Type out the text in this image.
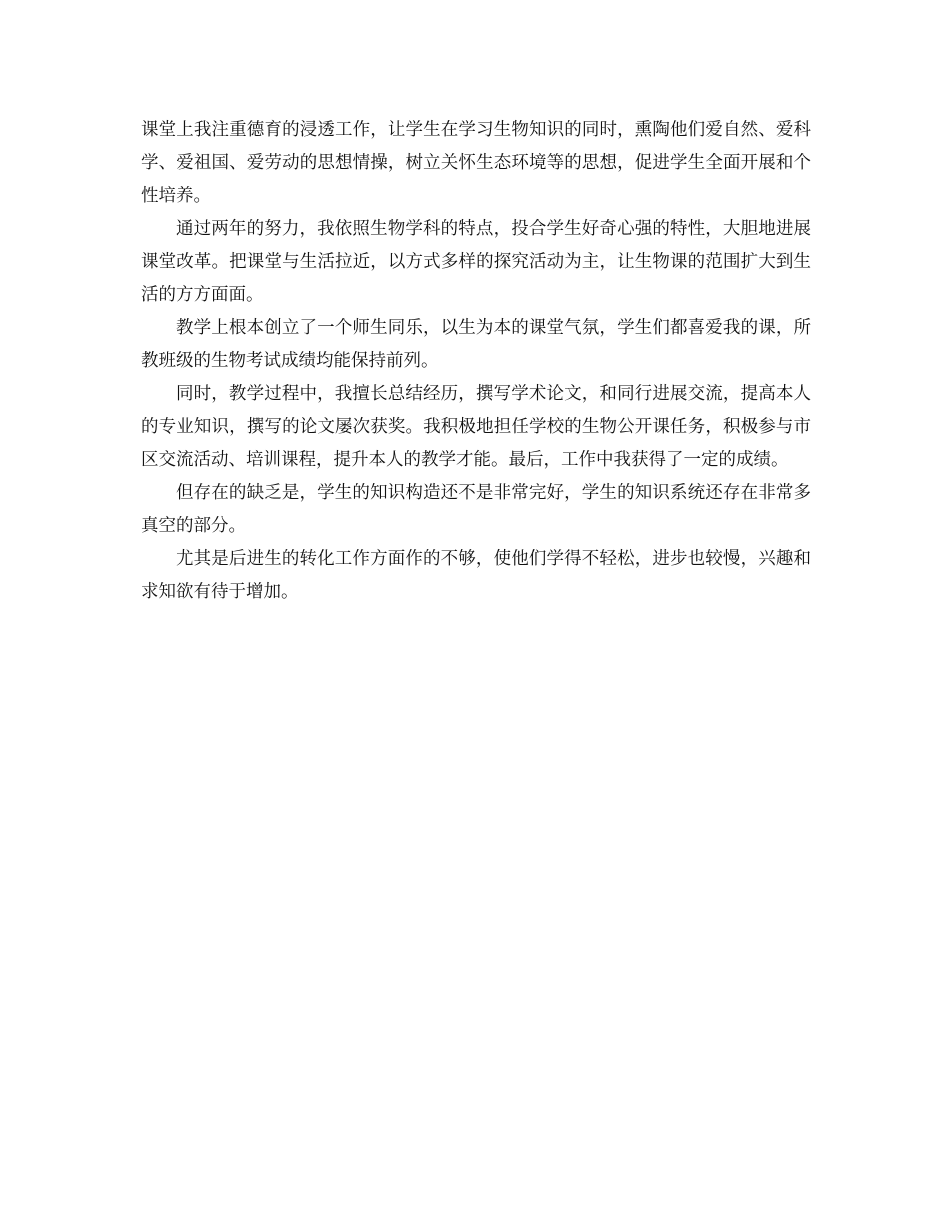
课堂上我注重德育的浸透工作，让学生在学习生物知识的同时，熏陶他们爱自然、爱科学、爱祖国、爱劳动的思想情操，树立关怀生态环境等的思想，促进学生全面开展和个性培养。

通过两年的努力，我依照生物学科的特点，投合学生好奇心强的特性，大胆地进展课堂改革。把课堂与生活拉近，以方式多样的探究活动为主，让生物课的范围扩大到生活的方方面面。

教学上根本创立了一个师生同乐，以生为本的课堂气氛，学生们都喜爱我的课，所教班级的生物考试成绩均能保持前列。

同时，教学过程中，我擅长总结经历，撰写学术论文，和同行进展交流，提高本人的专业知识，撰写的论文屡次获奖。我积极地担任学校的生物公开课任务，积极参与市区交流活动、培训课程，提升本人的教学才能。最后，工作中我获得了一定的成绩。

但存在的缺乏是，学生的知识构造还不是非常完好，学生的知识系统还存在非常多真空的部分。

尤其是后进生的转化工作方面作的不够，使他们学得不轻松，进步也较慢，兴趣和求知欲有待于增加。
